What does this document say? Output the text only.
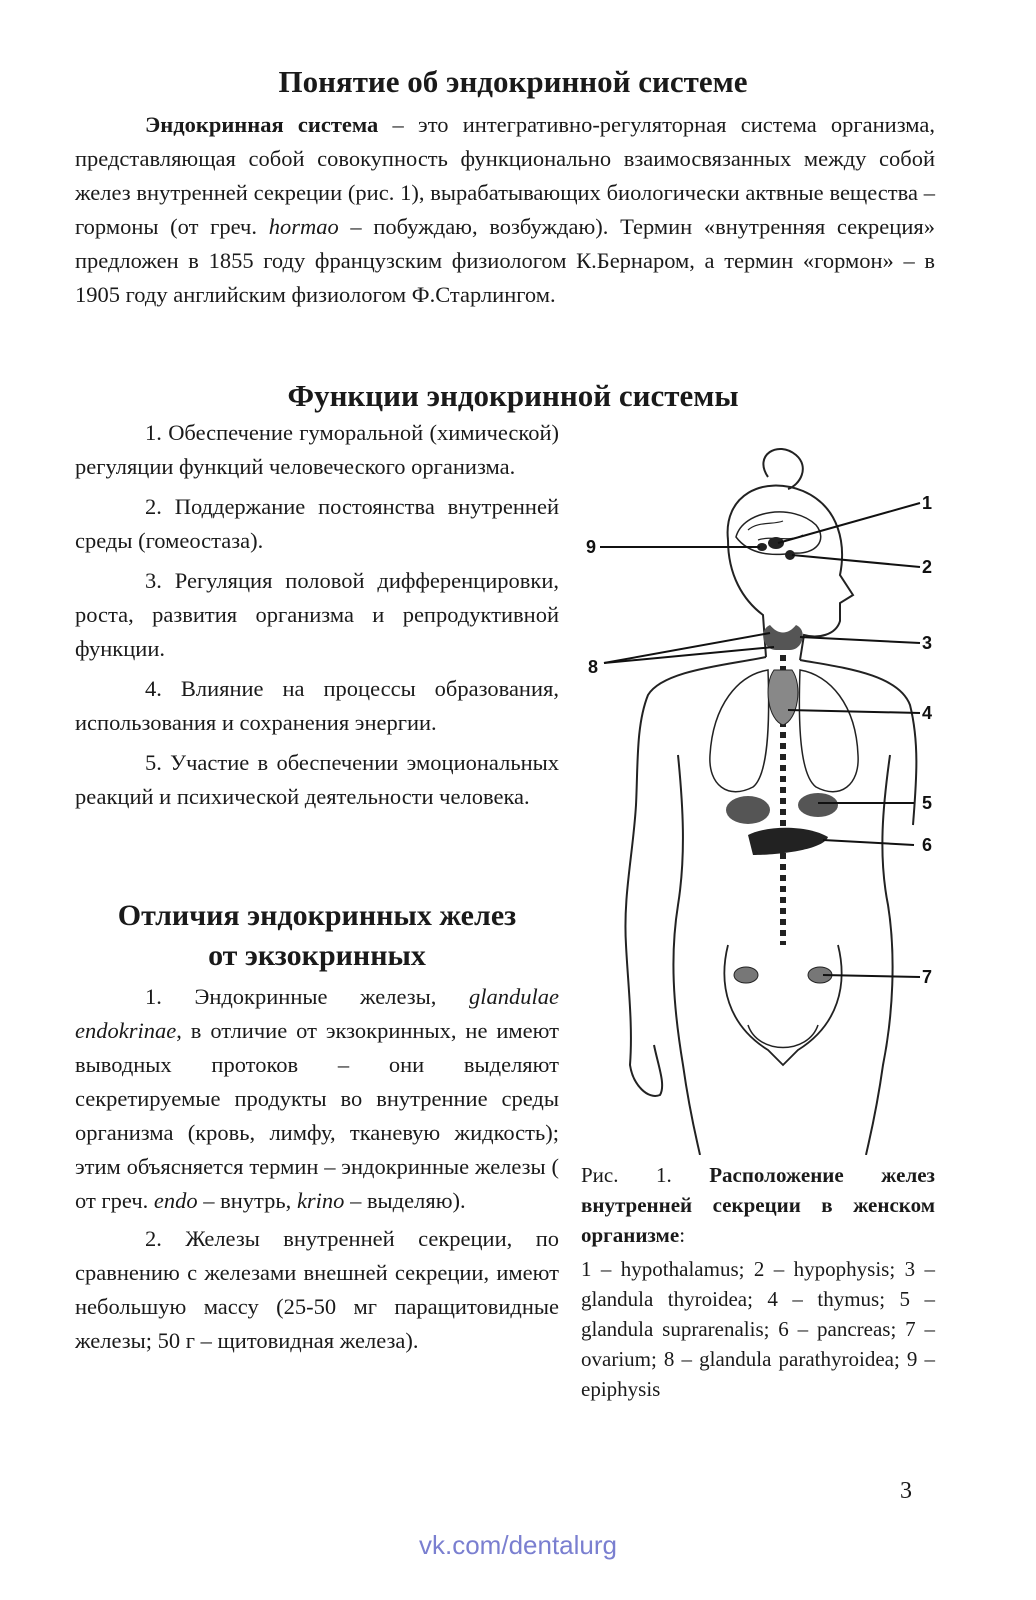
Понятие об эндокринной системе

Эндокринная система – это интегративно-регуляторная система организма, представляющая собой совокупность функционально взаимосвязанных между собой желез внутренней секреции (рис. 1), вырабатывающих биологически актвные вещества – гормоны (от греч. hormao – побуждаю, возбуждаю). Термин «внутренняя секреция» предложен в 1855 году французским физиологом К.Бернаром, а термин «гормон» – в 1905 году английским физиологом Ф.Старлингом.

Функции эндокринной системы

1. Обеспечение гуморальной (химической) регуляции функций человеческого организма.

2. Поддержание постоянства внутренней среды (гомеостаза).

3. Регуляция половой дифференцировки, роста, развития организма и репродуктивной функции.

4. Влияние на процессы образования, использования и сохранения энергии.

5. Участие в обеспечении эмоциональных реакций и психической деятельности человека.

Отличия эндокринных желез
от экзокринных

1. Эндокринные железы, glandulae endokrinae, в отличие от экзокринных, не имеют выводных протоков – они выделяют секретируемые продукты во внутренние среды организма (кровь, лимфу, тканевую жидкость); этим объясняется термин – эндокринные железы ( от греч. endo – внутрь, krino – выделяю).

2. Железы внутренней секреции, по сравнению с железами внешней секреции, имеют небольшую массу (25-50 мг паращитовидные железы; 50 г – щитовидная железа).

1
2
3
4
5
6
7
8
9

Рис. 1. Расположение желез внутренней секреции в женском организме:

1 – hypothalamus; 2 – hypophysis; 3 – glandula thyroidea; 4 – thymus; 5 – glandula suprarenalis; 6 – pancreas; 7 – ovarium; 8 – glandula parathyroidea; 9 – epiphysis

3
vk.com/dentalurg
